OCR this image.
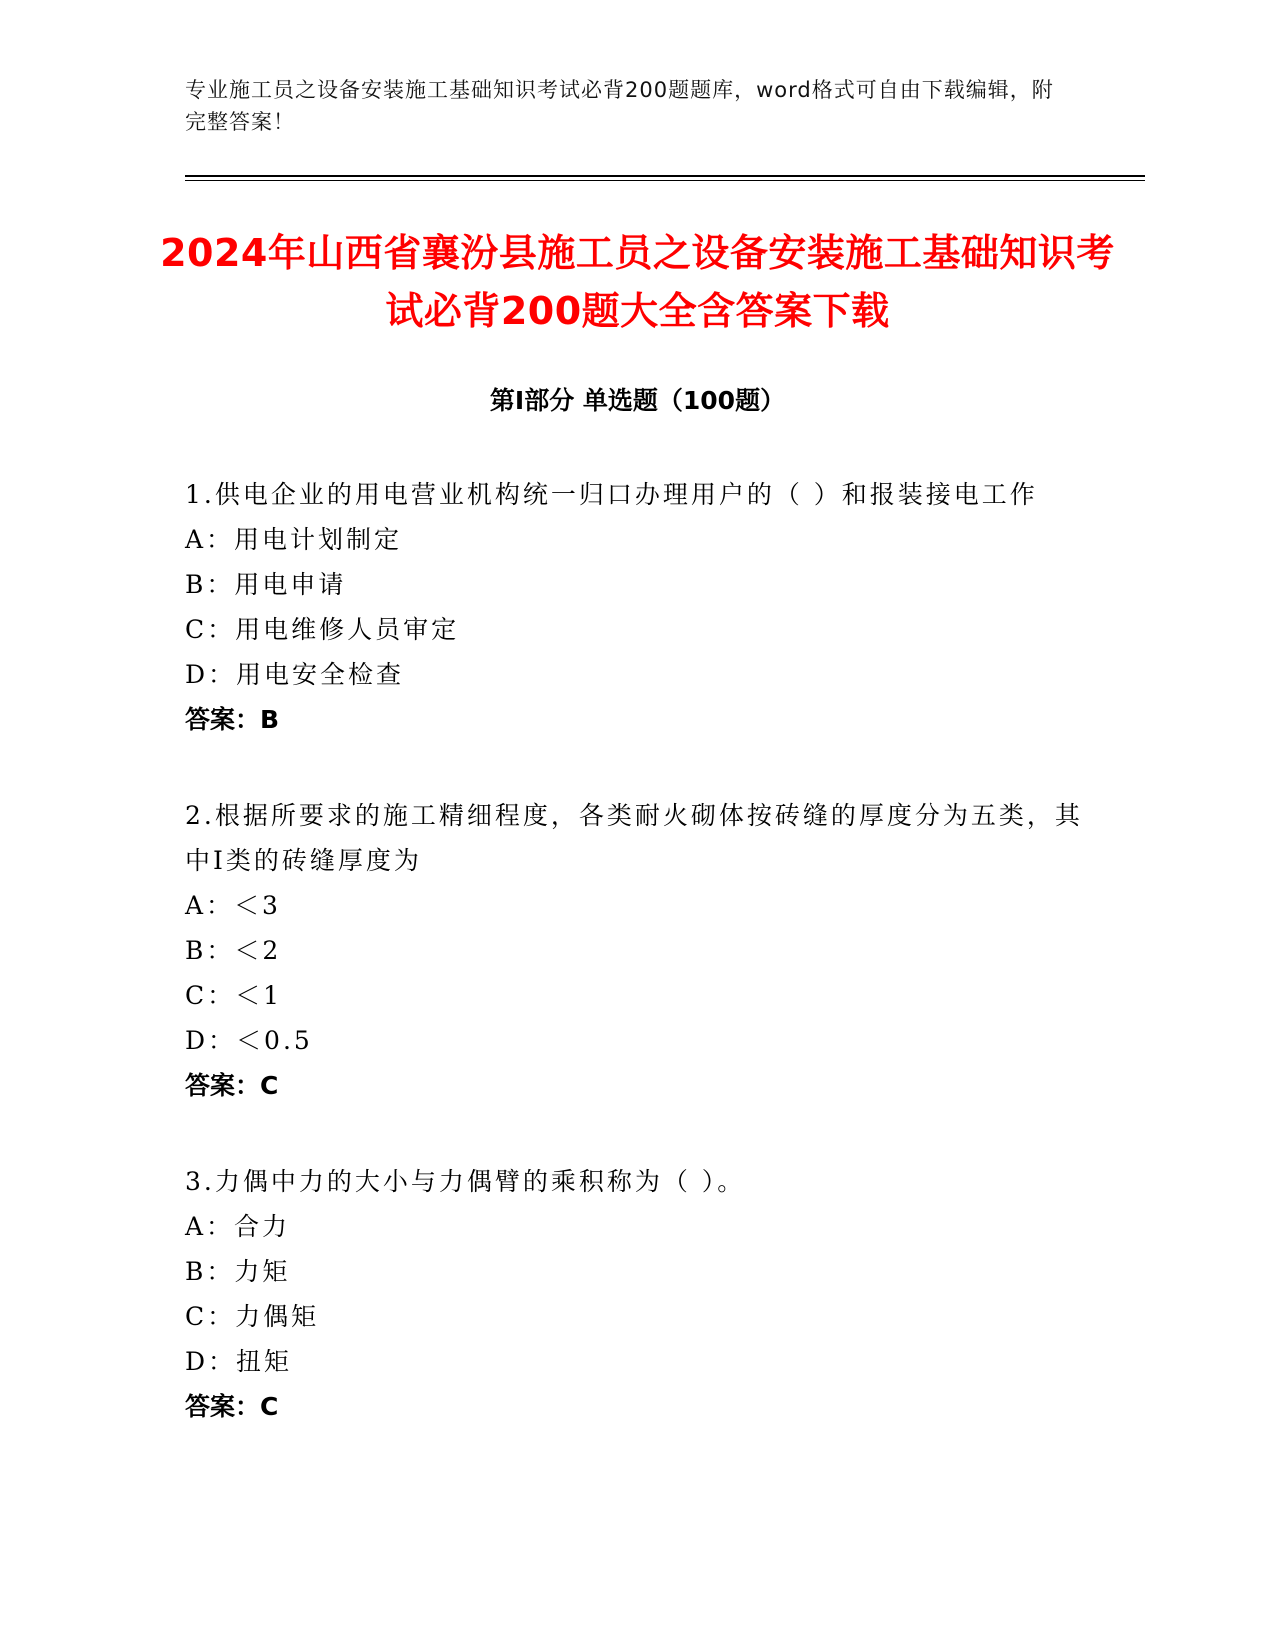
专业施工员之设备安装施工基础知识考试必背200题题库，word格式可自由下载编辑，附完整答案！
2024年山西省襄汾县施工员之设备安装施工基础知识考试必背200题大全含答案下载
第Ⅰ部分 单选题（100题）
1.供电企业的用电营业机构统一归口办理用户的（ ）和报装接电工作
A：用电计划制定
B：用电申请
C：用电维修人员审定
D：用电安全检查
答案：B
2.根据所要求的施工精细程度，各类耐火砌体按砖缝的厚度分为五类，其中Ⅰ类的砖缝厚度为
A：＜3
B：＜2
C：＜1
D：＜0.5
答案：C
3.力偶中力的大小与力偶臂的乘积称为（ ）。
A：合力
B：力矩
C：力偶矩
D：扭矩
答案：C
